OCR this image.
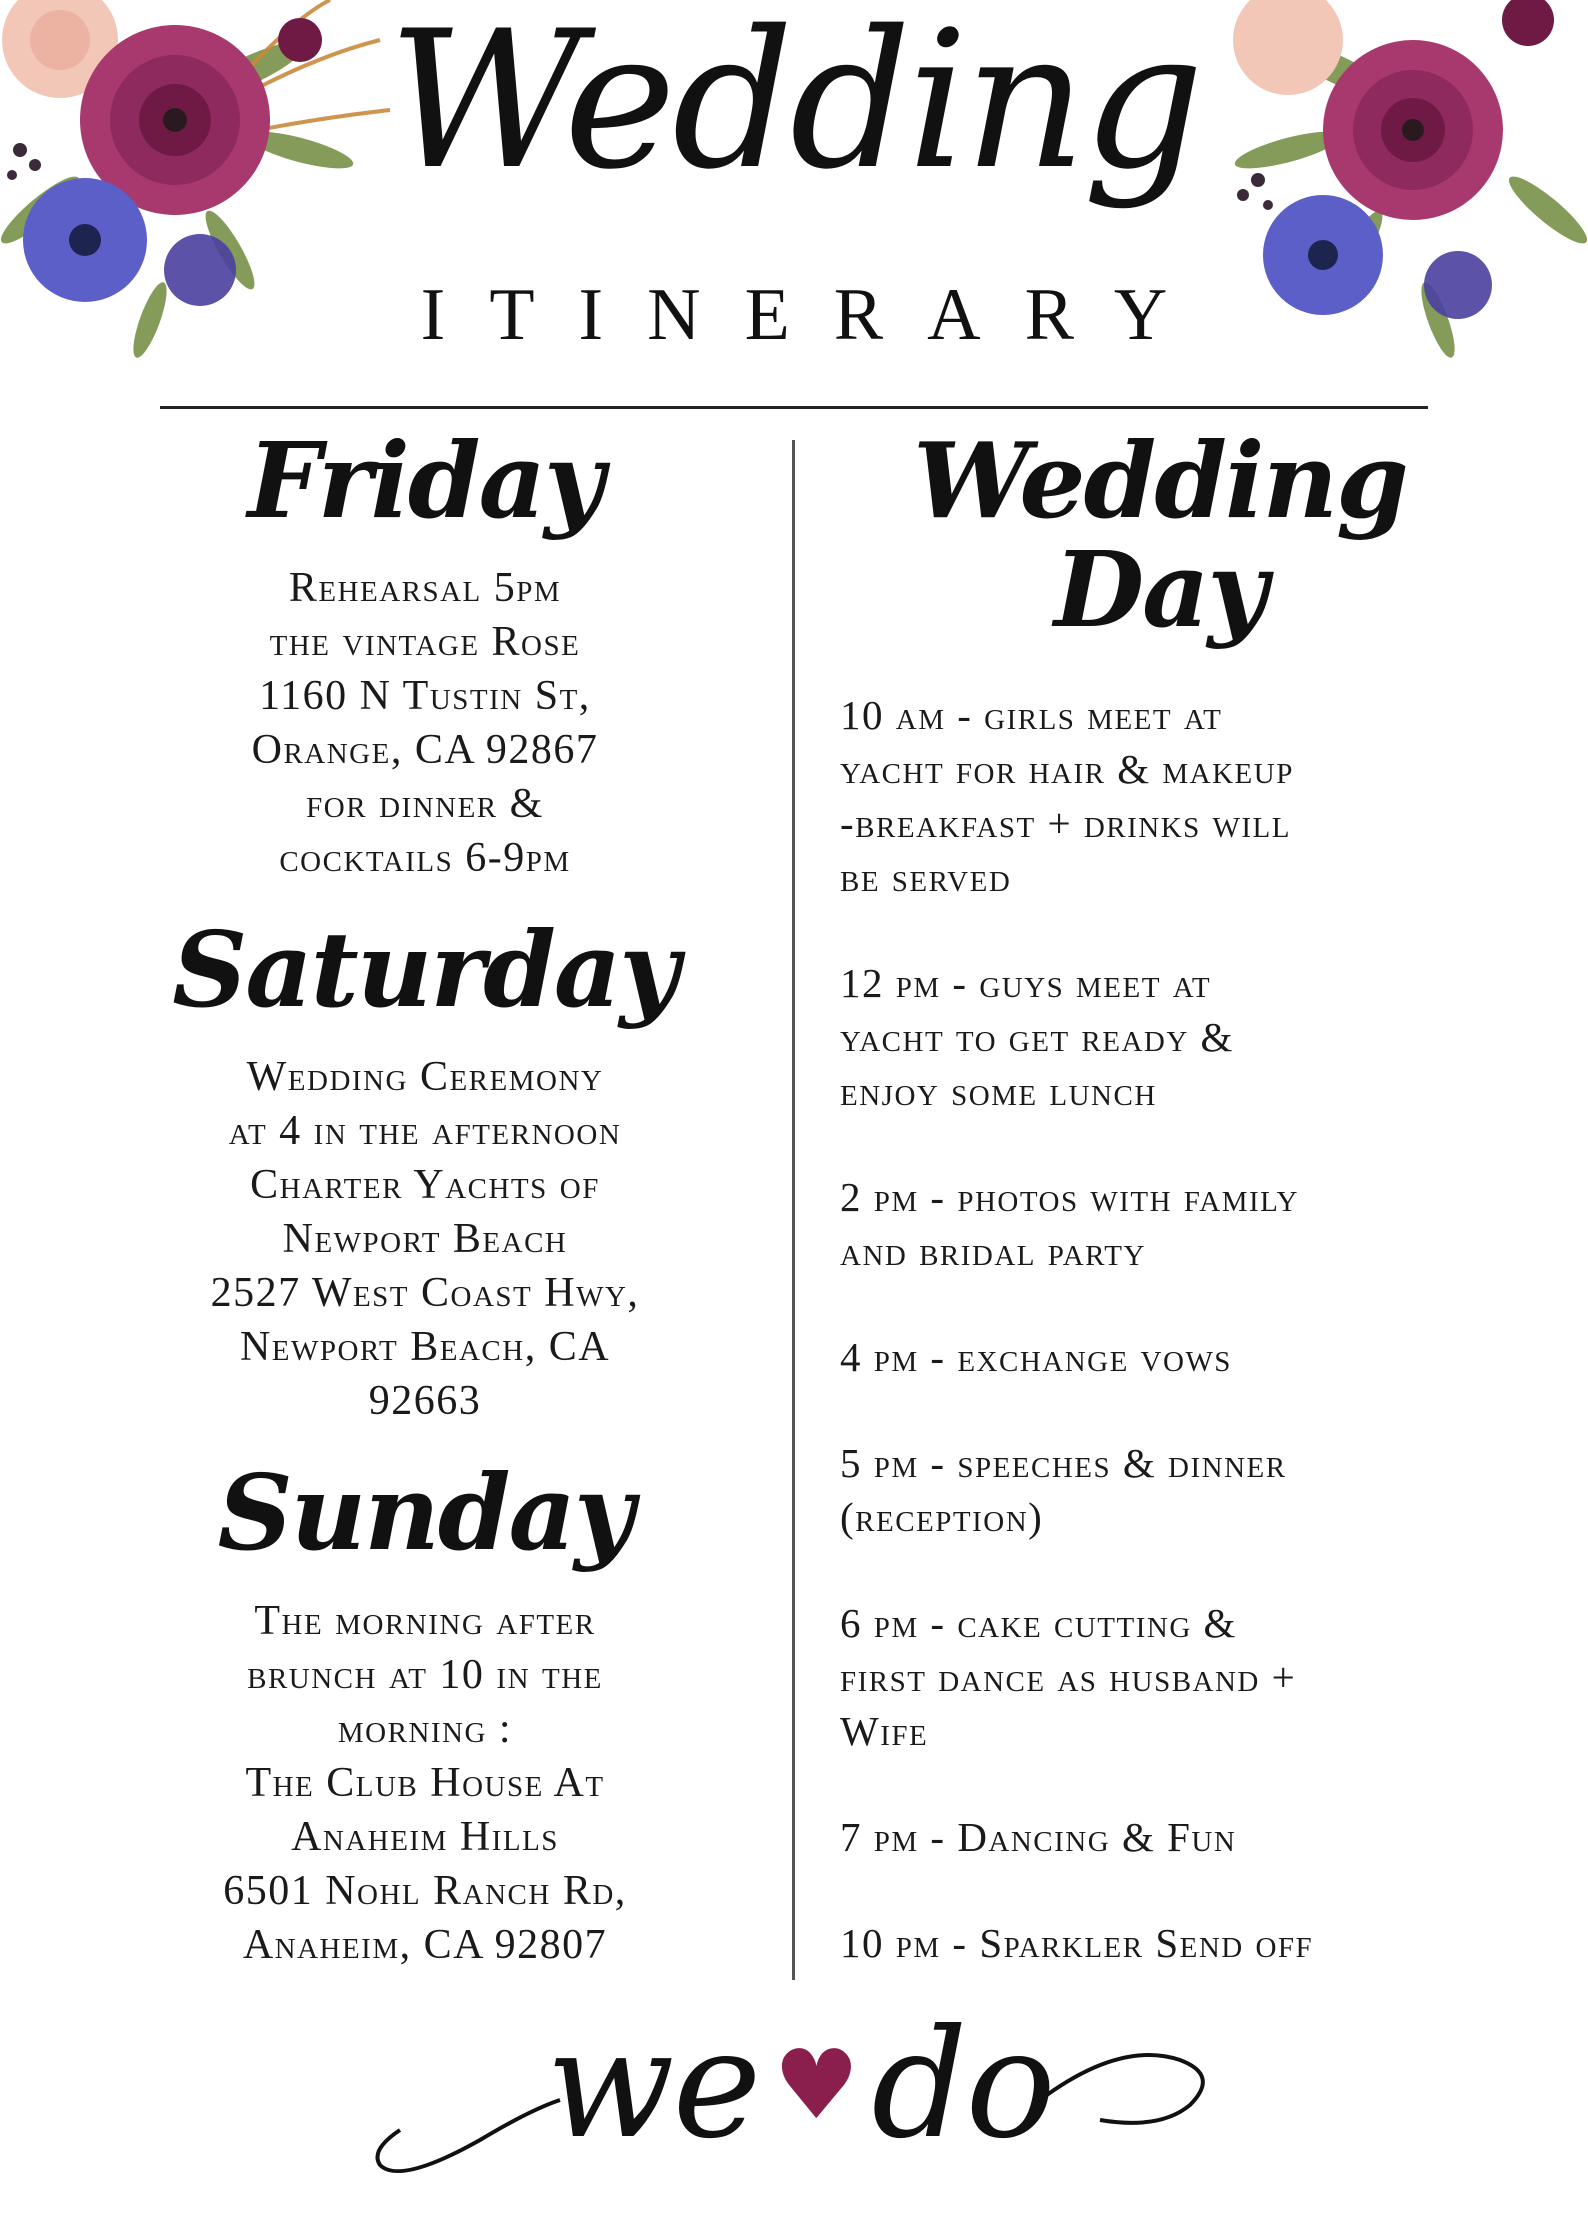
Wedding
ITINERARY
Friday
Rehearsal 5pm
the vintage Rose
1160 N Tustin St,
Orange, CA 92867
for dinner &
cocktails 6-9pm
Saturday
Wedding Ceremony
at 4 in the afternoon
Charter Yachts of
Newport Beach
2527 West Coast Hwy,
Newport Beach, CA
92663
Sunday
The morning after
brunch at 10 in the
morning :
The Club House At
Anaheim Hills
6501 Nohl Ranch Rd,
Anaheim, CA 92807
Wedding Day
10 am - girls meet at
yacht for hair & makeup
-breakfast + drinks will
be served
12 pm - guys meet at
yacht to get ready &
enjoy some lunch
2 pm - photos with family
and bridal party
4 pm - exchange vows
5 pm - speeches & dinner
(reception)
6 pm - cake cutting &
first dance as husband +
Wife
7 pm - Dancing & Fun
10 pm - Sparkler Send off
we ♥do
